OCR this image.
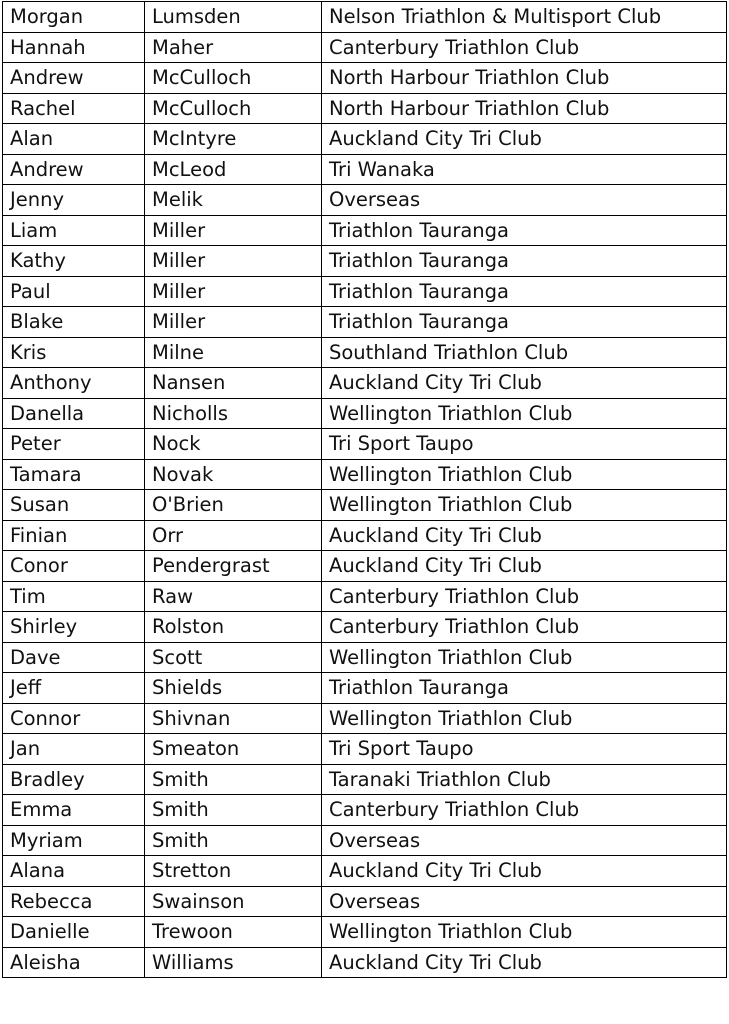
Morgan	Lumsden	Nelson Triathlon & Multisport Club
Hannah	Maher	Canterbury Triathlon Club
Andrew	McCulloch	North Harbour Triathlon Club
Rachel	McCulloch	North Harbour Triathlon Club
Alan	McIntyre	Auckland City Tri Club
Andrew	McLeod	Tri Wanaka
Jenny	Melik	Overseas
Liam	Miller	Triathlon Tauranga
Kathy	Miller	Triathlon Tauranga
Paul	Miller	Triathlon Tauranga
Blake	Miller	Triathlon Tauranga
Kris	Milne	Southland Triathlon Club
Anthony	Nansen	Auckland City Tri Club
Danella	Nicholls	Wellington Triathlon Club
Peter	Nock	Tri Sport Taupo
Tamara	Novak	Wellington Triathlon Club
Susan	O'Brien	Wellington Triathlon Club
Finian	Orr	Auckland City Tri Club
Conor	Pendergrast	Auckland City Tri Club
Tim	Raw	Canterbury Triathlon Club
Shirley	Rolston	Canterbury Triathlon Club
Dave	Scott	Wellington Triathlon Club
Jeff	Shields	Triathlon Tauranga
Connor	Shivnan	Wellington Triathlon Club
Jan	Smeaton	Tri Sport Taupo
Bradley	Smith	Taranaki Triathlon Club
Emma	Smith	Canterbury Triathlon Club
Myriam	Smith	Overseas
Alana	Stretton	Auckland City Tri Club
Rebecca	Swainson	Overseas
Danielle	Trewoon	Wellington Triathlon Club
Aleisha	Williams	Auckland City Tri Club
